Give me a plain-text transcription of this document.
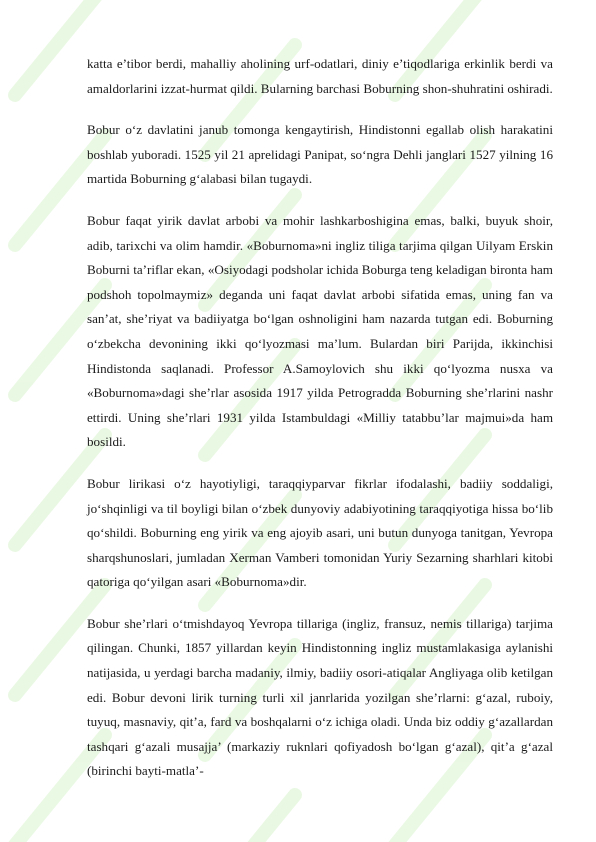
katta e’tibor berdi, mahalliy aholining urf-odatlari, diniy e’tiqodlariga erkinlik berdi va amaldorlarini izzat-hurmat qildi. Bularning barchasi Boburning shon-shuhratini oshiradi.

Bobur o‘z davlatini janub tomonga kengaytirish, Hindistonni egallab olish harakatini boshlab yuboradi. 1525 yil 21 aprelidagi Panipat, so‘ngra Dehli janglari 1527 yilning 16 martida Boburning g‘alabasi bilan tugaydi.

Bobur faqat yirik davlat arbobi va mohir lashkarboshigina emas, balki, buyuk shoir, adib, tarixchi va olim hamdir. «Boburnoma»ni ingliz tiliga tarjima qilgan Uilyam Erskin Boburni ta’riflar ekan, «Osiyodagi podsholar ichida Boburga teng keladigan bironta ham podshoh topolmaymiz» deganda uni faqat davlat arbobi sifatida emas, uning fan va san’at, she’riyat va badiiyatga bo‘lgan oshnoligini ham nazarda tutgan edi. Boburning o‘zbekcha devonining ikki qo‘lyozmasi ma’lum. Bulardan biri Parijda, ikkinchisi Hindistonda saqlanadi. Professor A.Samoylovich shu ikki qo‘lyozma nusxa va «Boburnoma»dagi she’rlar asosida 1917 yilda Petrogradda Boburning she’rlarini nashr ettirdi. Uning she’rlari 1931 yilda Istambuldagi «Milliy tatabbu’lar majmui»da ham bosildi.

Bobur lirikasi o‘z hayotiyligi, taraqqiyparvar fikrlar ifodalashi, badiiy soddaligi, jo‘shqinligi va til boyligi bilan o‘zbek dunyoviy adabiyotining taraqqiyotiga hissa bo‘lib qo‘shildi. Boburning eng yirik va eng ajoyib asari, uni butun dunyoga tanitgan, Yevropa sharqshunoslari, jumladan Xerman Vamberi tomonidan Yuriy Sezarning sharhlari kitobi qatoriga qo‘yilgan asari «Boburnoma»dir.

Bobur she’rlari o‘tmishdayoq Yevropa tillariga (ingliz, fransuz, nemis tillariga) tarjima qilingan. Chunki, 1857 yillardan keyin Hindistonning ingliz mustamlakasiga aylanishi natijasida, u yerdagi barcha madaniy, ilmiy, badiiy osori-atiqalar Angliyaga olib ketilgan edi. Bobur devoni lirik turning turli xil janrlarida yozilgan she’rlarni: g‘azal, ruboiy, tuyuq, masnaviy, qit’a, fard va boshqalarni o‘z ichiga oladi. Unda biz oddiy g‘azallardan tashqari g‘azali musajja’ (markaziy ruknlari qofiyadosh bo‘lgan g‘azal), qit’a g‘azal (birinchi bayti-matla’-
